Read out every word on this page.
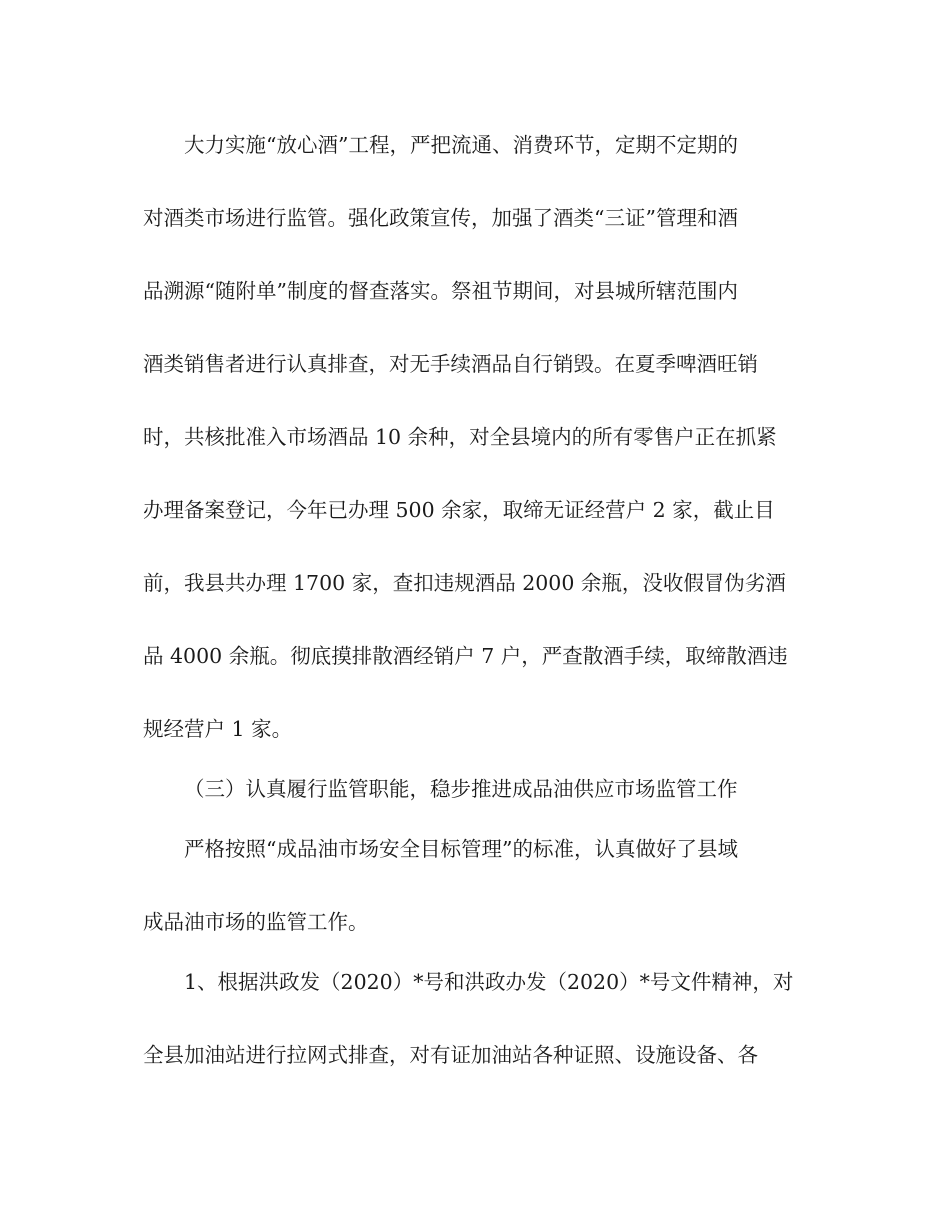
大力实施“放心酒”工程，严把流通、消费环节，定期不定期的
对酒类市场进行监管。强化政策宣传，加强了酒类“三证”管理和酒
品溯源“随附单”制度的督查落实。祭祖节期间，对县城所辖范围内
酒类销售者进行认真排查，对无手续酒品自行销毁。在夏季啤酒旺销
时，共核批准入市场酒品 10 余种，对全县境内的所有零售户正在抓紧
办理备案登记，今年已办理 500 余家，取缔无证经营户 2 家，截止目
前，我县共办理 1700 家，查扣违规酒品 2000 余瓶，没收假冒伪劣酒
品 4000 余瓶。彻底摸排散酒经销户 7 户，严查散酒手续，取缔散酒违
规经营户 1 家。
（三）认真履行监管职能，稳步推进成品油供应市场监管工作
严格按照“成品油市场安全目标管理”的标准，认真做好了县域
成品油市场的监管工作。
1、根据洪政发（2020）*号和洪政办发（2020）*号文件精神，对
全县加油站进行拉网式排查，对有证加油站各种证照、设施设备、各
